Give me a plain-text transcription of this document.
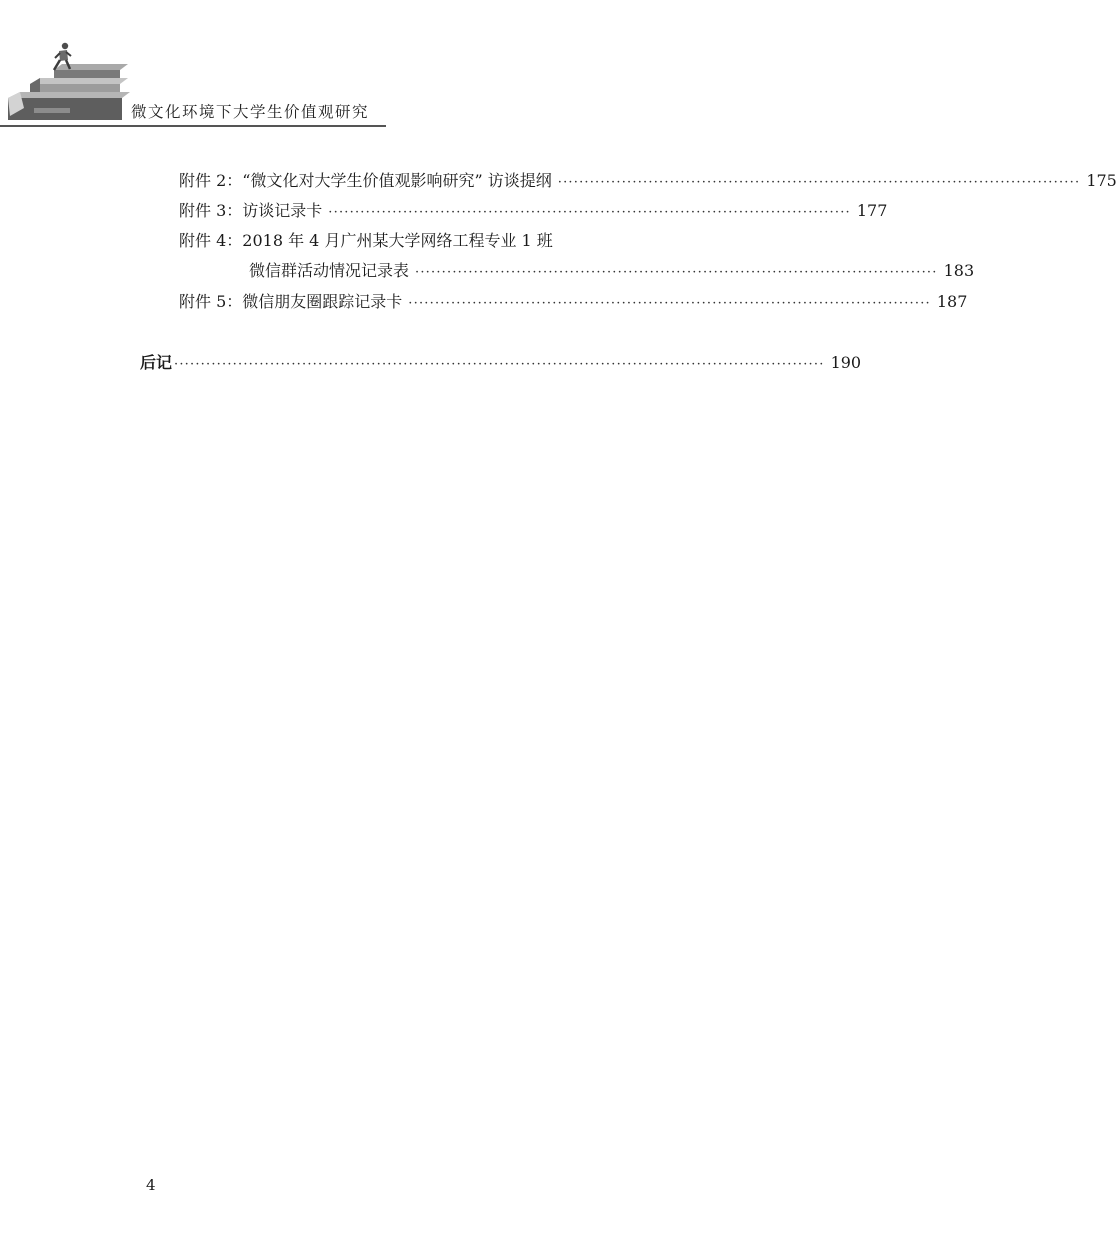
微文化环境下大学生价值观研究
附件 2： “微文化对大学生价值观影响研究” 访谈提纲 ·································································································· 175
附件 3： 访谈记录卡 ·································································································· 177
附件 4： 2018 年 4 月广州某大学网络工程专业 1 班
微信群活动情况记录表 ·································································································· 183
附件 5： 微信朋友圈跟踪记录卡 ·································································································· 187
后记 ·························································································································· 190
4
